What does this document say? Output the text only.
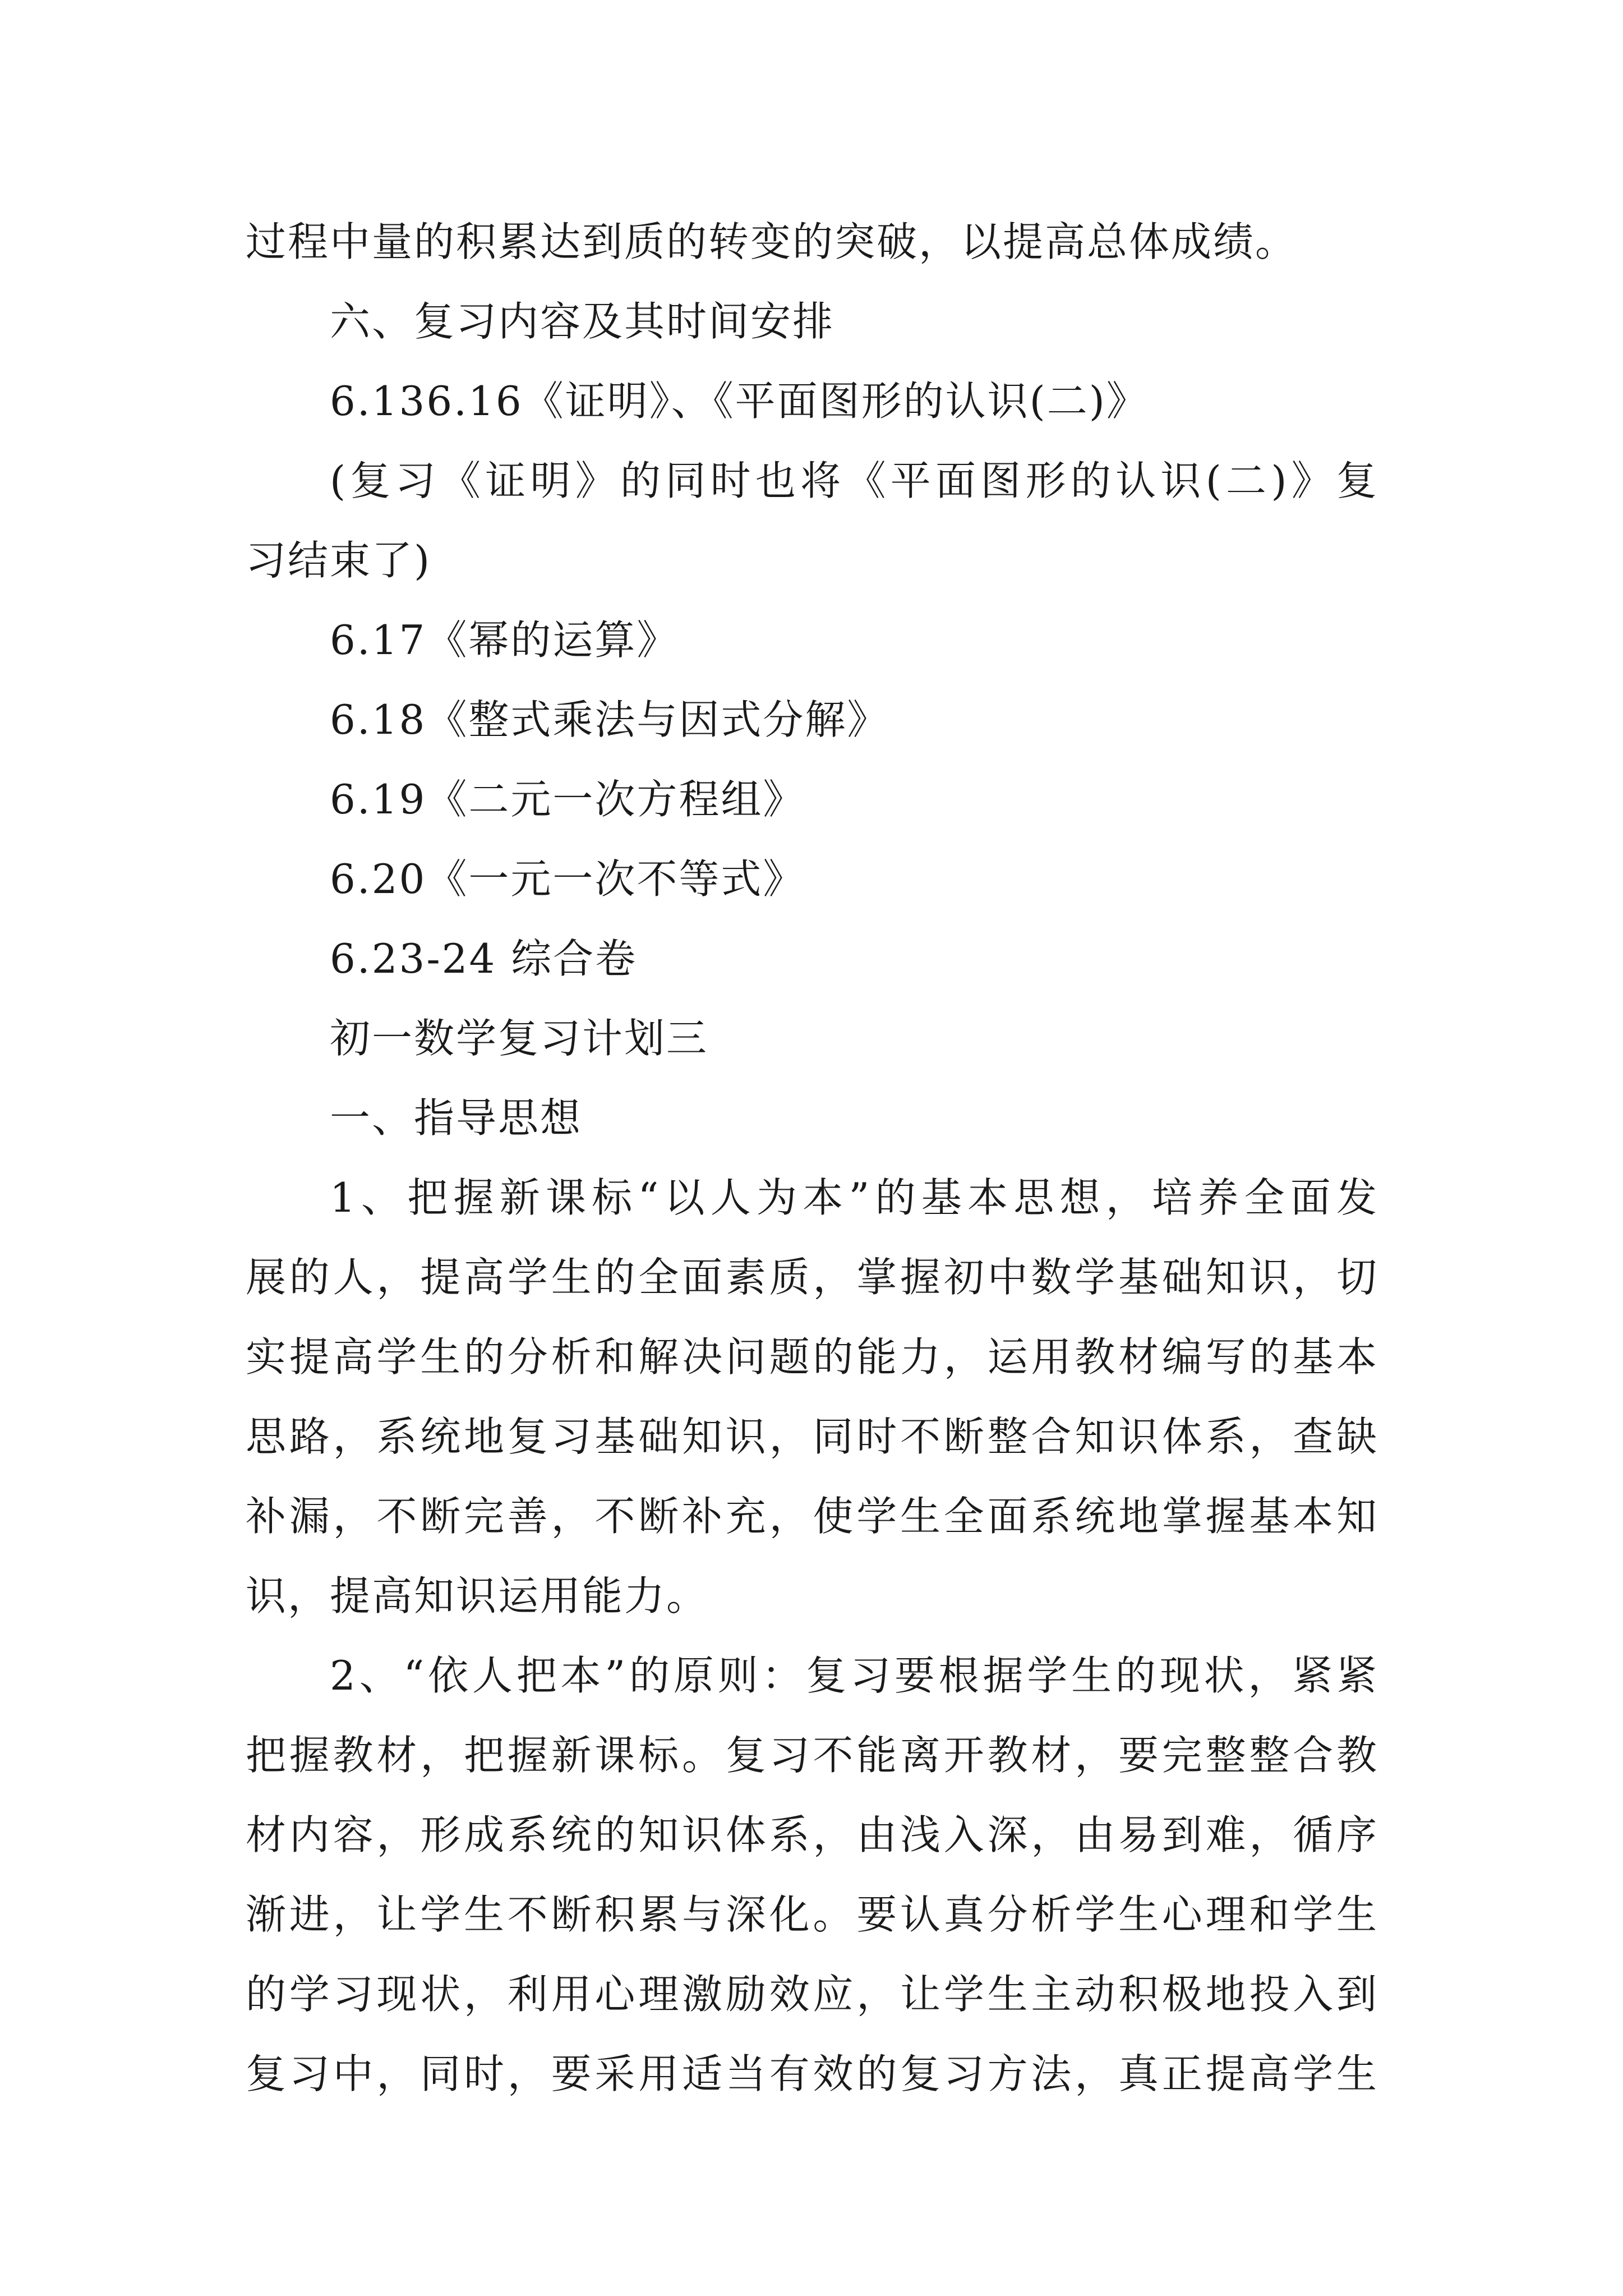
过程中量的积累达到质的转变的突破，以提高总体成绩。
六、复习内容及其时间安排
6.136.16《证明》、《平面图形的认识(二)》
(复习《证明》的同时也将《平面图形的认识(二)》复
习结束了)
6.17《幂的运算》
6.18《整式乘法与因式分解》
6.19《二元一次方程组》
6.20《一元一次不等式》
6.23-24 综合卷
初一数学复习计划三
一、指导思想
1、把握新课标“以人为本”的基本思想，培养全面发
展的人，提高学生的全面素质，掌握初中数学基础知识，切
实提高学生的分析和解决问题的能力，运用教材编写的基本
思路，系统地复习基础知识，同时不断整合知识体系，查缺
补漏，不断完善，不断补充，使学生全面系统地掌握基本知
识，提高知识运用能力。
2、“依人把本”的原则：复习要根据学生的现状，紧紧
把握教材，把握新课标。复习不能离开教材，要完整整合教
材内容，形成系统的知识体系，由浅入深，由易到难，循序
渐进，让学生不断积累与深化。要认真分析学生心理和学生
的学习现状，利用心理激励效应，让学生主动积极地投入到
复习中，同时，要采用适当有效的复习方法，真正提高学生
